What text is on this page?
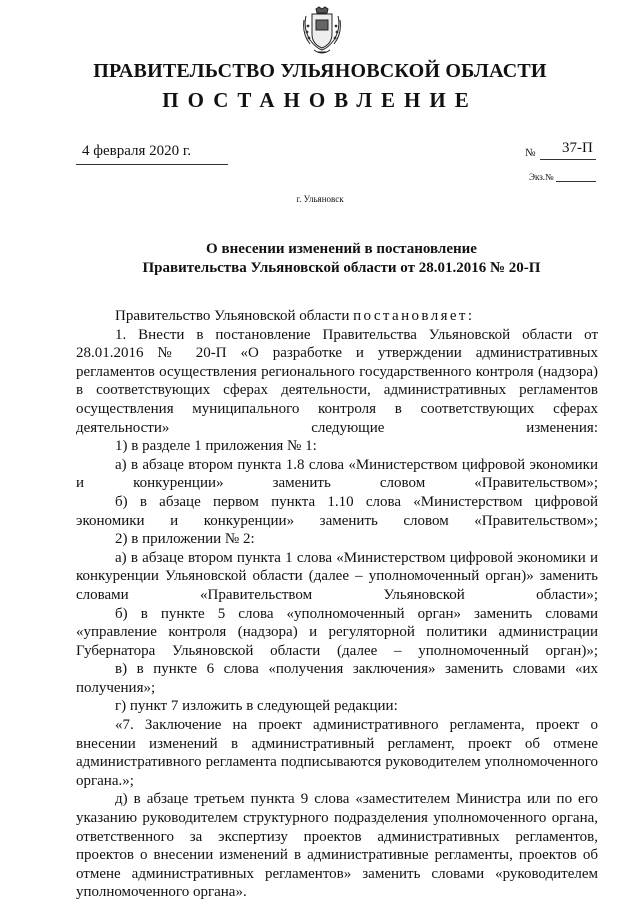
ПРАВИТЕЛЬСТВО УЛЬЯНОВСКОЙ ОБЛАСТИ
ПОСТАНОВЛЕНИЕ
4 февраля 2020 г.	№ 37-П
Экз.№
г. Ульяновск
О внесении изменений в постановление
Правительства Ульяновской области от 28.01.2016 № 20-П

Правительство Ульяновской области постановляет:

1. Внести в постановление Правительства Ульяновской области от 28.01.2016 № 20-П «О разработке и утверждении административных регламентов осуществления регионального государственного контроля (надзора) в соответствующих сферах деятельности, административных регламентов осуществления муниципального контроля в соответствующих сферах деятельности» следующие изменения:

1) в разделе 1 приложения № 1:

а) в абзаце втором пункта 1.8 слова «Министерством цифровой экономики и конкуренции» заменить словом «Правительством»;

б) в абзаце первом пункта 1.10 слова «Министерством цифровой экономики и конкуренции» заменить словом «Правительством»;

2) в приложении № 2:

а) в абзаце втором пункта 1 слова «Министерством цифровой экономики и конкуренции Ульяновской области (далее – уполномоченный орган)» заменить словами «Правительством Ульяновской области»;

б) в пункте 5 слова «уполномоченный орган» заменить словами «управление контроля (надзора) и регуляторной политики администрации Губернатора Ульяновской области (далее – уполномоченный орган)»;

в) в пункте 6 слова «получения заключения» заменить словами «их получения»;

г) пункт 7 изложить в следующей редакции:

«7. Заключение на проект административного регламента, проект о внесении изменений в административный регламент, проект об отмене административного регламента подписываются руководителем уполномоченного органа.»;

д) в абзаце третьем пункта 9 слова «заместителем Министра или по его указанию руководителем структурного подразделения уполномоченного органа, ответственного за экспертизу проектов административных регламентов, проектов о внесении изменений в административные регламенты, проектов об отмене административных регламентов» заменить словами «руководителем уполномоченного органа».
